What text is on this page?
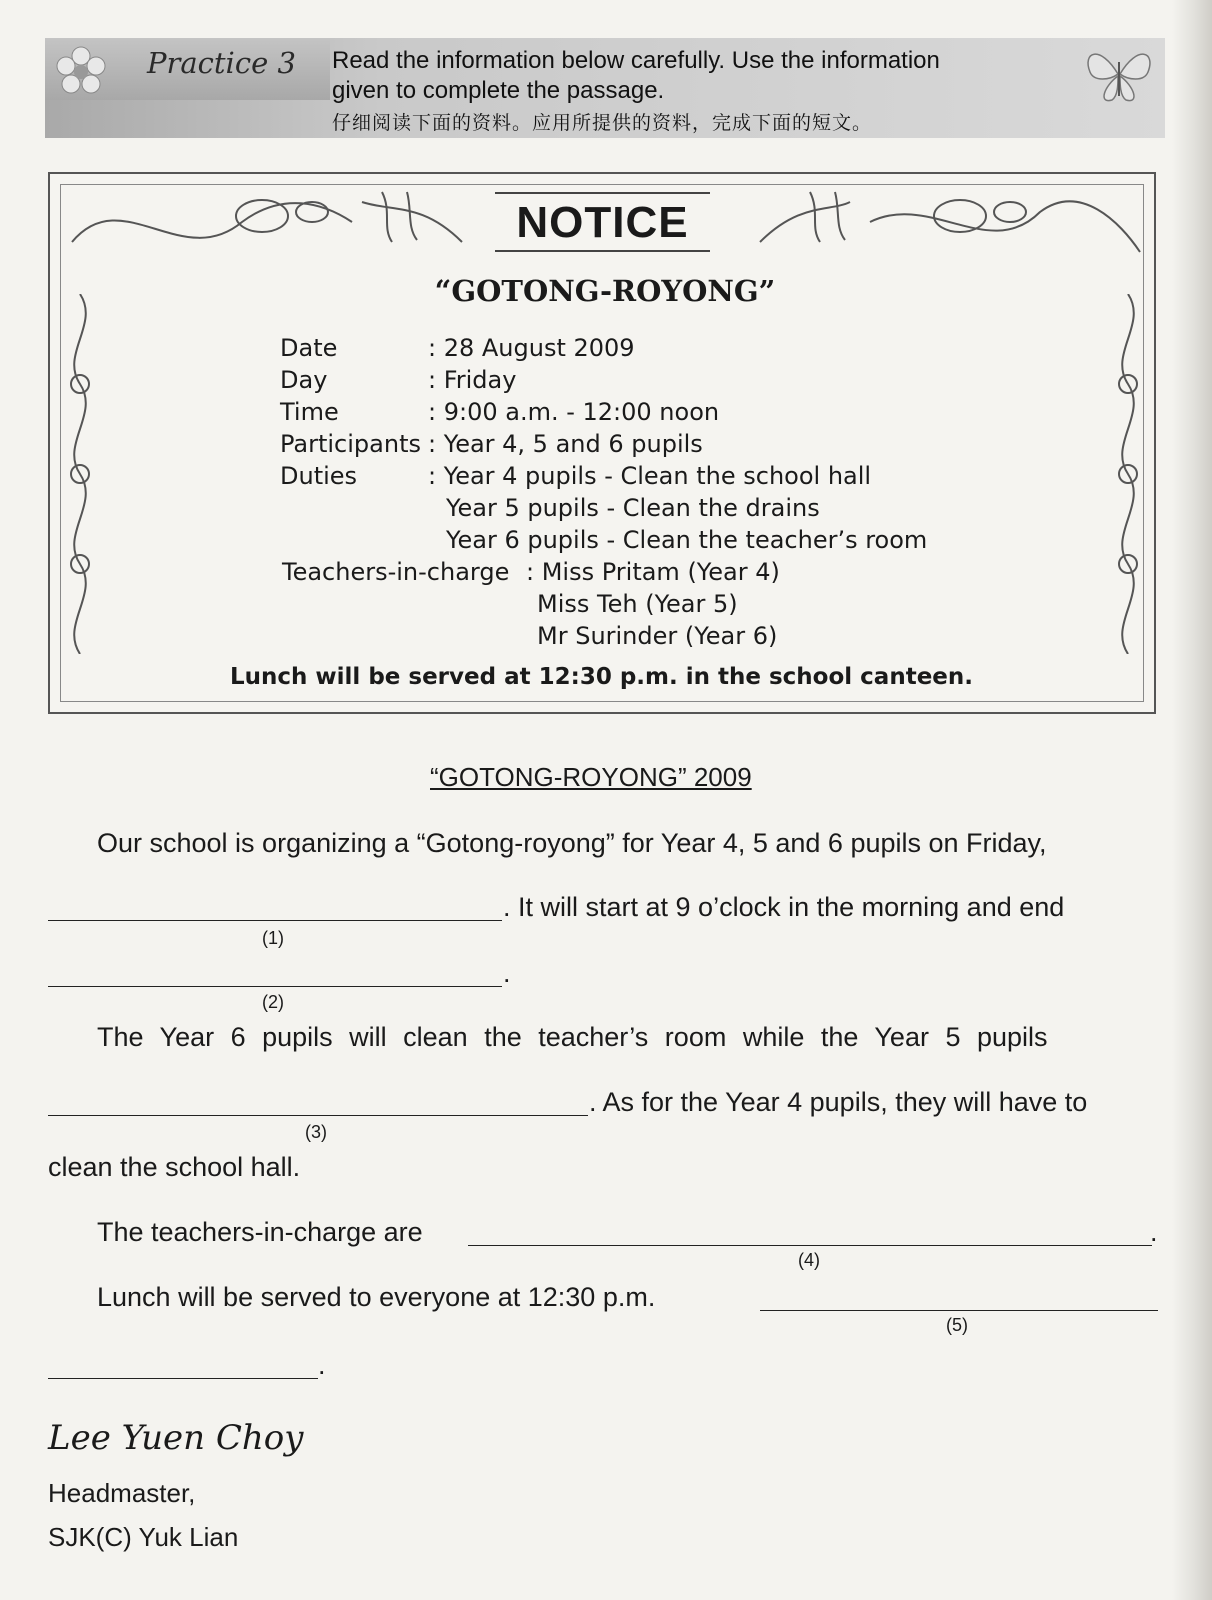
Practice 3 Read the information below carefully. Use the information
given to complete the passage.
仔细阅读下面的资料。应用所提供的资料，完成下面的短文。
NOTICE
“GOTONG-ROYONG”
Date
Day
Time
Participants
Duties
: 28 August 2009
: Friday
: 9:00 a.m. - 12:00 noon
: Year 4, 5 and 6 pupils
: Year 4 pupils - Clean the school hall
Year 5 pupils - Clean the drains
Year 6 pupils - Clean the teacher’s room
Teachers-in-charge : Miss Pritam (Year 4)
Miss Teh (Year 5)
Mr Surinder (Year 6)
Lunch will be served at 12:30 p.m. in the school canteen.
“GOTONG-ROYONG” 2009
Our school is organizing a “Gotong-royong” for Year 4, 5 and 6 pupils on Friday,
. It will start at 9 o’clock in the morning and end
(1)
.
(2)
The Year 6 pupils will clean the teacher’s room while the Year 5 pupils
. As for the Year 4 pupils, they will have to
(3)
clean the school hall.
The teachers-in-charge are	.
(4)
Lunch will be served to everyone at 12:30 p.m.
(5)
.
Lee Yuen Choy
Headmaster,
SJK(C) Yuk Lian
